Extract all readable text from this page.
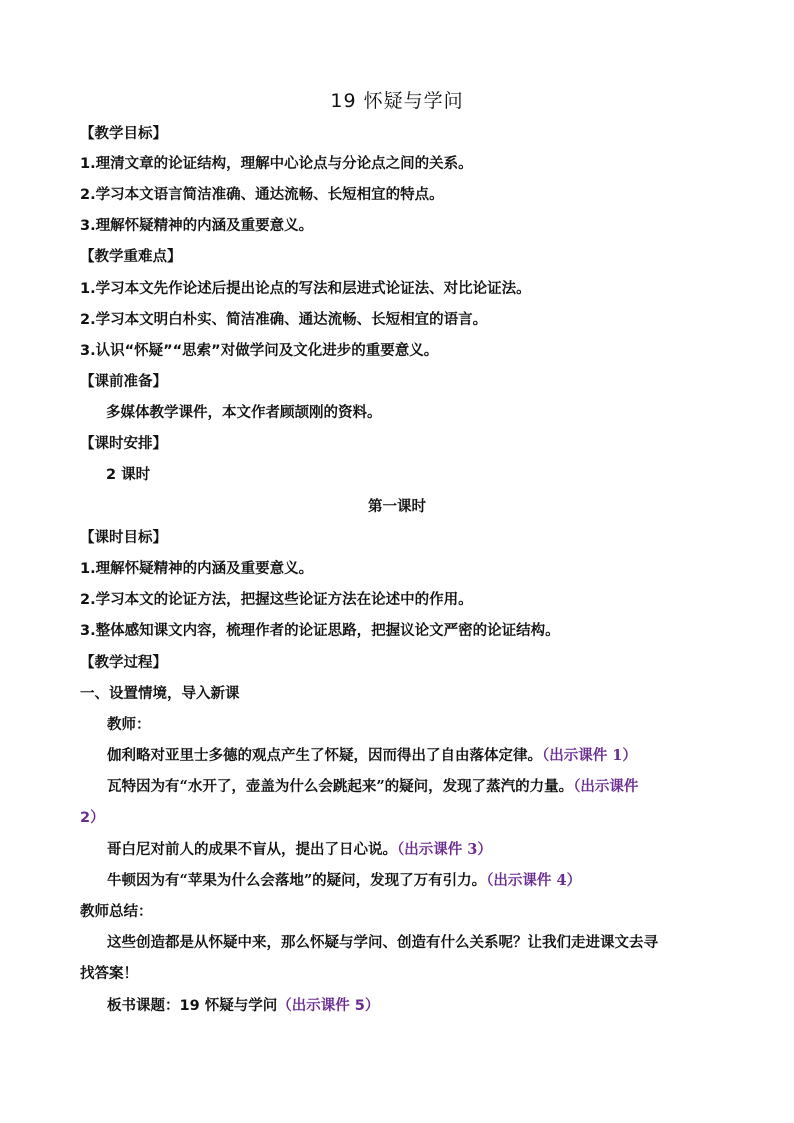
19 怀疑与学问
【教学目标】
1.理清文章的论证结构，理解中心论点与分论点之间的关系。
2.学习本文语言简洁准确、通达流畅、长短相宜的特点。
3.理解怀疑精神的内涵及重要意义。
【教学重难点】
1.学习本文先作论述后提出论点的写法和层进式论证法、对比论证法。
2.学习本文明白朴实、简洁准确、通达流畅、长短相宜的语言。
3.认识“怀疑”“思索”对做学问及文化进步的重要意义。
【课前准备】
多媒体教学课件，本文作者顾颉刚的资料。
【课时安排】
2 课时
第一课时
【课时目标】
1.理解怀疑精神的内涵及重要意义。
2.学习本文的论证方法，把握这些论证方法在论述中的作用。
3.整体感知课文内容，梳理作者的论证思路，把握议论文严密的论证结构。
【教学过程】
一、设置情境，导入新课
教师：
伽利略对亚里士多德的观点产生了怀疑，因而得出了自由落体定律。（出示课件 1）
瓦特因为有“水开了，壶盖为什么会跳起来”的疑问，发现了蒸汽的力量。（出示课件
2）
哥白尼对前人的成果不盲从，提出了日心说。（出示课件 3）
牛顿因为有“苹果为什么会落地”的疑问，发现了万有引力。（出示课件 4）
教师总结：
这些创造都是从怀疑中来，那么怀疑与学问、创造有什么关系呢？让我们走进课文去寻
找答案！
板书课题：19 怀疑与学问（出示课件 5）
